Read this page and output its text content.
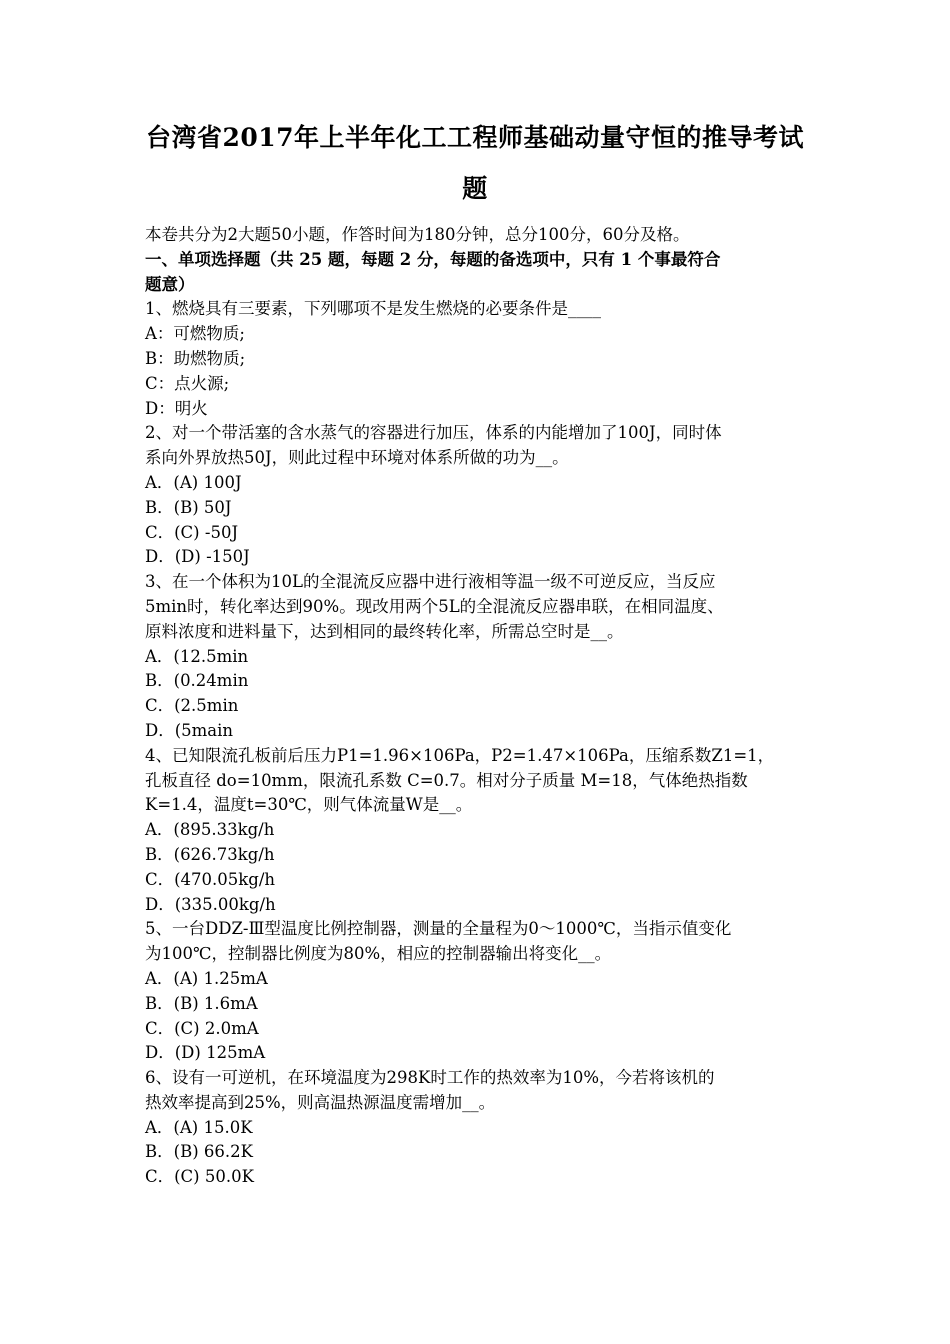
台湾省2017年上半年化工工程师基础动量守恒的推导考试
题
本卷共分为2大题50小题，作答时间为180分钟，总分100分，60分及格。
一、单项选择题（共 25 题，每题 2 分，每题的备选项中，只有 1 个事最符合
题意）
1、燃烧具有三要素，下列哪项不是发生燃烧的必要条件是____
A：可燃物质;
B：助燃物质;
C：点火源;
D：明火
2、对一个带活塞的含水蒸气的容器进行加压，体系的内能增加了100J，同时体
系向外界放热50J，则此过程中环境对体系所做的功为__。
A．(A) 100J
B．(B) 50J
C．(C) -50J
D．(D) -150J
3、在一个体积为10L的全混流反应器中进行液相等温一级不可逆反应，当反应
5min时，转化率达到90%。现改用两个5L的全混流反应器串联，在相同温度、
原料浓度和进料量下，达到相同的最终转化率，所需总空时是__。
A．(12.5min
B．(0.24min
C．(2.5min
D．(5main
4、已知限流孔板前后压力P1=1.96×106Pa，P2=1.47×106Pa，压缩系数Z1=1，
孔板直径 do=10mm，限流孔系数 C=0.7。相对分子质量 M=18，气体绝热指数
K=1.4，温度t=30℃，则气体流量W是__。
A．(895.33kg/h
B．(626.73kg/h
C．(470.05kg/h
D．(335.00kg/h
5、一台DDZ-Ⅲ型温度比例控制器，测量的全量程为0～1000℃，当指示值变化
为100℃，控制器比例度为80%，相应的控制器输出将变化__。
A．(A) 1.25mA
B．(B) 1.6mA
C．(C) 2.0mA
D．(D) 125mA
6、设有一可逆机，在环境温度为298K时工作的热效率为10%，今若将该机的
热效率提高到25%，则高温热源温度需增加__。
A．(A) 15.0K
B．(B) 66.2K
C．(C) 50.0K
